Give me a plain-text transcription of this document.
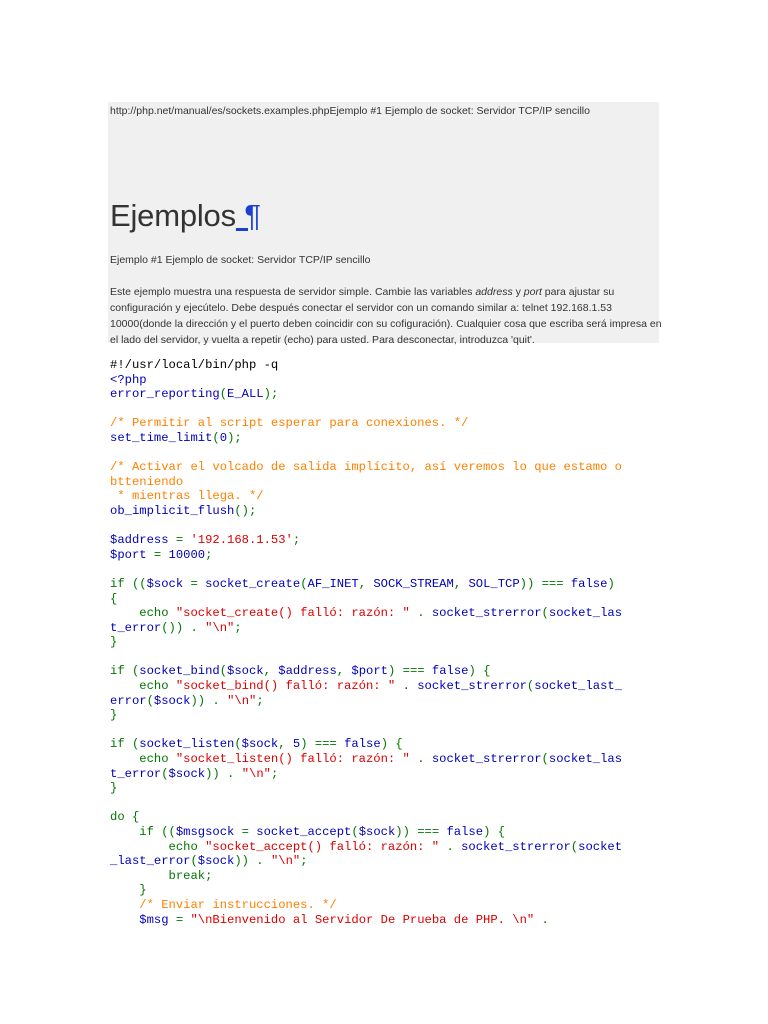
http://php.net/manual/es/sockets.examples.phpEjemplo #1 Ejemplo de socket: Servidor TCP/IP sencillo
Ejemplos ¶
Ejemplo #1 Ejemplo de socket: Servidor TCP/IP sencillo
Este ejemplo muestra una respuesta de servidor simple. Cambie las variables address y port para ajustar su
configuración y ejecútelo. Debe después conectar el servidor con un comando similar a: telnet 192.168.1.53
10000(donde la dirección y el puerto deben coincidir con su cofiguración). Cualquier cosa que escriba será impresa en
el lado del servidor, y vuelta a repetir (echo) para usted. Para desconectar, introduzca 'quit'.
#!/usr/local/bin/php -q
<?php
error_reporting(E_ALL);
/* Permitir al script esperar para conexiones. */
set_time_limit(0);
/* Activar el volcado de salida implícito, así veremos lo que estamo o
btteniendo
* mientras llega. */
ob_implicit_flush();
$address = '192.168.1.53';
$port = 10000;
if (($sock = socket_create(AF_INET, SOCK_STREAM, SOL_TCP)) === false)
{
echo "socket_create() falló: razón: " . socket_strerror(socket_las
t_error()) . "\n";
}
if (socket_bind($sock, $address, $port) === false) {
echo "socket_bind() falló: razón: " . socket_strerror(socket_last_
error($sock)) . "\n";
}
if (socket_listen($sock, 5) === false) {
echo "socket_listen() falló: razón: " . socket_strerror(socket_las
t_error($sock)) . "\n";
}
do {
if (($msgsock = socket_accept($sock)) === false) {
echo "socket_accept() falló: razón: " . socket_strerror(socket
_last_error($sock)) . "\n";
break;
}
/* Enviar instrucciones. */
$msg = "\nBienvenido al Servidor De Prueba de PHP. \n" .
